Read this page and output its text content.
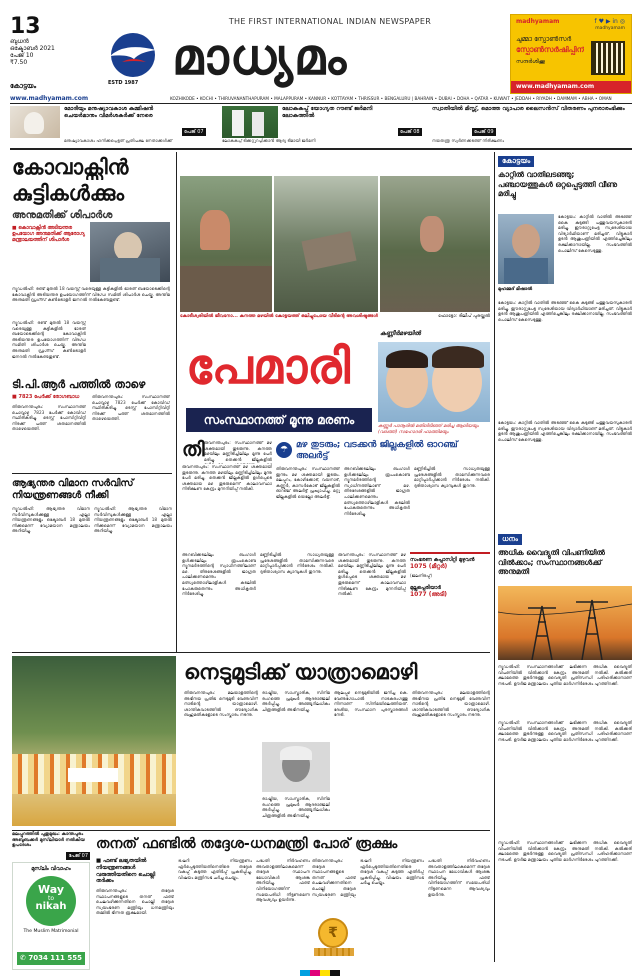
13
ബുധൻ
ഒക്ടോബർ 2021
പേജ് 10
₹7.50
കോട്ടയം
THE FIRST INTERNATIONAL INDIAN NEWSPAPER
ESTD 1987 മാധ്യമം
madhyamam	f ♥ ▶ in ◎
madhyamam
ചുമ്മാ സ്പോൺസർ
സ്പോൺസർഷിപ്പിന്
സന്ദർശിക്കൂ
www.madhyamam.com
www.madhyamam.com	KOZHIKODE • KOCHI • THIRUVANANTHAPURAM • MALAPPURAM • KANNUR • KOTTAYAM • THRISSUR • BENGALURU | BAHRAIN • DUBAI • DOHA • QATAR • KUWAIT • JEDDAH • RIYADH • DAMMAM • ABHA • OMAN
മോദിയും മനുഷ്യാവകാശ കമ്മിഷൻ ചെയർമാനും വിമർശകർക്ക് നേരെ
പേജ് 07
മനുഷ്യാവകാശം ഹനിക്കപ്പെട്ടത് പ്രതിപക്ഷ നേതാക്കൾക്ക്
ലോകകപ്പ് യോഗ്യത റൗണ്ട് ജർമനി ലോകത്തിൽ
പേജ് 08
ലോകകപ്പ് ടിക്കറ്റുറപ്പിക്കാൻ ആദ്യ ടീമായി ജർമനി
സ്വാതിയിൽ മിസ്സ്, മൊത്ത വ്യാപാര ലൈസൻസ് വിതരണം പുനരാരംഭിക്കും
പേജ് 09
നയതന്ത്ര സ്വർണക്കടത്ത് നിരീക്ഷണം
കോവാക്സിൻ
കുട്ടികൾക്കും
അനുമതിക്ക് ശിപാർശ
■ കൊവാക്സിൻ അടിയന്തര ഉപയോഗ അനുമതിക്ക് ആരോഗ്യ മന്ത്രാലയത്തിന് ശിപാർശ
ന്യൂഡൽഹി: രണ്ട് മുതൽ 18 വയസ്സ് വരെയുള്ള കുട്ടികളിൽ ഭാരത് ബയോടെക്കിന്റെ കോവാക്സിൻ അടിയന്തര ഉപയോഗത്തിന് വിദഗ്ധ സമിതി ശിപാർശ ചെയ്തു. അന്തിമ അനുമതി ഡ്രഗ്സ് കൺട്രോളർ ജനറൽ നൽകേണ്ടതുണ്ട്.
ന്യൂഡൽഹി: രണ്ട് മുതൽ 18 വയസ്സ് വരെയുള്ള കുട്ടികളിൽ ഭാരത് ബയോടെക്കിന്റെ കോവാക്സിൻ അടിയന്തര ഉപയോഗത്തിന് വിദഗ്ധ സമിതി ശിപാർശ ചെയ്തു. അന്തിമ അനുമതി ഡ്രഗ്സ് കൺട്രോളർ ജനറൽ നൽകേണ്ടതുണ്ട്.
ടി.പി.ആർ പത്തിൽ താഴെ
■ 7823 പേർക്ക് രോഗബാധ
തിരുവനന്തപുരം: സംസ്ഥാനത്ത് ചൊവ്വാഴ്ച 7823 പേർക്ക് കോവിഡ് സ്ഥിരീകരിച്ചു. ടെസ്റ്റ് പോസിറ്റിവിറ്റി നിരക്ക് പത്ത് ശതമാനത്തിൽ താഴെയെത്തി.
തിരുവനന്തപുരം: സംസ്ഥാനത്ത് ചൊവ്വാഴ്ച 7823 പേർക്ക് കോവിഡ് സ്ഥിരീകരിച്ചു. ടെസ്റ്റ് പോസിറ്റിവിറ്റി നിരക്ക് പത്ത് ശതമാനത്തിൽ താഴെയെത്തി.
ആഭ്യന്തര വിമാന സർവിസ് നിയന്ത്രണങ്ങൾ നീക്കി
ന്യൂഡൽഹി: ആഭ്യന്തര വിമാന സർവിസുകൾക്കുള്ള എല്ലാ നിയന്ത്രണങ്ങളും ഒക്ടോബർ 18 മുതൽ നീക്കുമെന്ന് വ്യോമയാന മന്ത്രാലയം അറിയിച്ചു.
ന്യൂഡൽഹി: ആഭ്യന്തര വിമാന സർവിസുകൾക്കുള്ള എല്ലാ നിയന്ത്രണങ്ങളും ഒക്ടോബർ 18 മുതൽ നീക്കുമെന്ന് വ്യോമയാന മന്ത്രാലയം അറിയിച്ചു.
കോടീശ്വരിയിൽ ജീവനോ... കനത്ത മഴയിൽ കോട്ടയത്ത് ഒലിച്ചുപോയ വീടിന്റെ അവശിഷ്ടങ്ങൾ	ഫോട്ടോ: ദിലീപ് പുരയ്ക്കൽ
പേമാരി
സംസ്ഥാനത്ത് മൂന്നു മരണം
കണ്ണീർമഴയിൽ
കണ്ണൂർ പാനൂരിൽ മതിലിടിഞ്ഞ് മരിച്ച ആലിയയും (വലത്ത്) സഹോദരി ഫാത്തിമയും
തി രുവനന്തപുരം: സംസ്ഥാനത്ത് മഴ ശക്തമായി തുടരുന്നു. കനത്ത മഴയിലും മണ്ണിടിച്ചിലിലും മൂന്നു പേർ മരിച്ചു. തെക്കൻ ജില്ലകളിൽ
രുവനന്തപുരം: സംസ്ഥാനത്ത് മഴ ശക്തമായി തുടരുന്നു. കനത്ത മഴയിലും മണ്ണിടിച്ചിലിലും മൂന്നു പേർ മരിച്ചു. തെക്കൻ ജില്ലകളിൽ ഉൾപ്പെടെ ശക്തമായ മഴ തുടരുമെന്ന് കാലാവസ്ഥാ നിരീക്ഷണ കേന്ദ്രം മുന്നറിയിപ്പ് നൽകി.
☂ മഴ തുടരും; വടക്കൻ ജില്ലകളിൽ ഓറഞ്ച് അലർട്ട്
തിരുവനന്തപുരം: സംസ്ഥാനത്ത് ഇന്നും മഴ ശക്തമായി തുടരും. മലപ്പുറം, കോഴിക്കോട്, വയനാട്, കണ്ണൂർ, കാസർകോട് ജില്ലകളിൽ ഓറഞ്ച് അലർട്ട് പ്രഖ്യാപിച്ചു. മറ്റു ജില്ലകളിൽ യെല്ലോ അലർട്ട്.
അറബിക്കടലിലും ബംഗാൾ ഉൾക്കടലിലും രൂപംകൊണ്ട ന്യൂനമർദത്തിന്റെ സ്വാധീനത്തിലാണ് മഴ. തീരദേശങ്ങളിൽ ജാഗ്രത പാലിക്കണമെന്നും മത്സ്യത്തൊഴിലാളികൾ കടലിൽ പോകരുതെന്നും അധികൃതർ നിർദേശിച്ചു.
മണ്ണിടിച്ചിൽ സാധ്യതയുള്ള പ്രദേശങ്ങളിൽ താമസിക്കുന്നവരെ മാറ്റിപ്പാർപ്പിക്കാൻ നിർദേശം നൽകി. ദുരിതാശ്വാസ ക്യാമ്പുകൾ തുറന്നു.
അറബിക്കടലിലും ബംഗാൾ ഉൾക്കടലിലും രൂപംകൊണ്ട ന്യൂനമർദത്തിന്റെ സ്വാധീനത്തിലാണ് മഴ. തീരദേശങ്ങളിൽ ജാഗ്രത പാലിക്കണമെന്നും മത്സ്യത്തൊഴിലാളികൾ കടലിൽ പോകരുതെന്നും അധികൃതർ നിർദേശിച്ചു.
മണ്ണിടിച്ചിൽ സാധ്യതയുള്ള പ്രദേശങ്ങളിൽ താമസിക്കുന്നവരെ മാറ്റിപ്പാർപ്പിക്കാൻ നിർദേശം നൽകി. ദുരിതാശ്വാസ ക്യാമ്പുകൾ തുറന്നു.
രുവനന്തപുരം: സംസ്ഥാനത്ത് മഴ ശക്തമായി തുടരുന്നു. കനത്ത മഴയിലും മണ്ണിടിച്ചിലിലും മൂന്നു പേർ മരിച്ചു. തെക്കൻ ജില്ലകളിൽ ഉൾപ്പെടെ ശക്തമായ മഴ തുടരുമെന്ന് കാലാവസ്ഥാ നിരീക്ഷണ കേന്ദ്രം മുന്നറിയിപ്പ് നൽകി.
സംഭരണ കപ്പാസിറ്റി മുഴുവൻ
1075 (മീറ്റർ)
(ജലനിരപ്പ്)
മുല്ലപ്പെരിയാർ
1077 (അടി)
കോട്ടയം
കാറ്റിൽ വാതിലടഞ്ഞു; പഞ്ചായത്തുകൾ ഒറ്റപ്പെടുത്തി വീണു മരിച്ചു
മുഹമ്മദ് മിഷാൽ
കോട്ടയം: കാറ്റിൽ വാതിൽ അടഞ്ഞ് കൈ കുടുങ്ങി പത്തുവയസുകാരൻ മരിച്ചു. ഈരാറ്റുപേട്ട സ്വദേശിയായ വിദ്യാർഥിയാണ് മരിച്ചത്. വീട്ടുകാർ ഉടൻ ആശുപത്രിയിൽ എത്തിച്ചെങ്കിലും രക്ഷിക്കാനായില്ല. സംഭവത്തിൽ പൊലീസ് കേസെടുത്തു.
കോട്ടയം: കാറ്റിൽ വാതിൽ അടഞ്ഞ് കൈ കുടുങ്ങി പത്തുവയസുകാരൻ മരിച്ചു. ഈരാറ്റുപേട്ട സ്വദേശിയായ വിദ്യാർഥിയാണ് മരിച്ചത്. വീട്ടുകാർ ഉടൻ ആശുപത്രിയിൽ എത്തിച്ചെങ്കിലും രക്ഷിക്കാനായില്ല. സംഭവത്തിൽ പൊലീസ് കേസെടുത്തു.
കോട്ടയം: കാറ്റിൽ വാതിൽ അടഞ്ഞ് കൈ കുടുങ്ങി പത്തുവയസുകാരൻ മരിച്ചു. ഈരാറ്റുപേട്ട സ്വദേശിയായ വിദ്യാർഥിയാണ് മരിച്ചത്. വീട്ടുകാർ ഉടൻ ആശുപത്രിയിൽ എത്തിച്ചെങ്കിലും രക്ഷിക്കാനായില്ല. സംഭവത്തിൽ പൊലീസ് കേസെടുത്തു.
ധനം
അധിക വൈദ്യുതി വിപണിയിൽ വിൽക്കാം; സംസ്ഥാനങ്ങൾക്ക് അനുമതി
ന്യൂഡൽഹി: സംസ്ഥാനങ്ങൾക്ക് ലഭിക്കുന്ന അധിക വൈദ്യുതി വിപണിയിൽ വിൽക്കാൻ കേന്ദ്രം അനുമതി നൽകി. കൽക്കരി ക്ഷാമത്തെ തുടർന്നുള്ള വൈദ്യുതി പ്രതിസന്ധി പരിഹരിക്കാനാണ് നടപടി. ഊർജ മന്ത്രാലയം പുതിയ മാർഗനിർദേശം പുറത്തിറക്കി.
ന്യൂഡൽഹി: സംസ്ഥാനങ്ങൾക്ക് ലഭിക്കുന്ന അധിക വൈദ്യുതി വിപണിയിൽ വിൽക്കാൻ കേന്ദ്രം അനുമതി നൽകി. കൽക്കരി ക്ഷാമത്തെ തുടർന്നുള്ള വൈദ്യുതി പ്രതിസന്ധി പരിഹരിക്കാനാണ് നടപടി. ഊർജ മന്ത്രാലയം പുതിയ മാർഗനിർദേശം പുറത്തിറക്കി.
ന്യൂഡൽഹി: സംസ്ഥാനങ്ങൾക്ക് ലഭിക്കുന്ന അധിക വൈദ്യുതി വിപണിയിൽ വിൽക്കാൻ കേന്ദ്രം അനുമതി നൽകി. കൽക്കരി ക്ഷാമത്തെ തുടർന്നുള്ള വൈദ്യുതി പ്രതിസന്ധി പരിഹരിക്കാനാണ് നടപടി. ഊർജ മന്ത്രാലയം പുതിയ മാർഗനിർദേശം പുറത്തിറക്കി.
നെടുമുടിക്ക് യാത്രാമൊഴി
തിരുവനന്തപുരം: മലയാളത്തിന്റെ അഭിനയ പ്രതിഭ നെടുമുടി വേണുവിന് നാടിന്റെ യാത്രാമൊഴി. ശാന്തികവാടത്തിൽ ഔദ്യോഗിക ബഹുമതികളോടെ സംസ്കാരം നടന്നു.
രാഷ്ട്രീയ, സാംസ്കാരിക, സിനിമ രംഗത്തെ പ്രമുഖർ ആദരാഞ്ജലി അർപ്പിച്ചു. അഞ്ഞൂറിലധികം ചിത്രങ്ങളിൽ അഭിനയിച്ചു.
ആലപ്പുഴ നെടുമുടിയിൽ ജനിച്ച കെ. വേണുഗോപാൽ നാടകരംഗത്തു നിന്നാണ് സിനിമയിലെത്തിയത്. ദേശീയ, സംസ്ഥാന പുരസ്കാരങ്ങൾ നേടി.
തിരുവനന്തപുരം: മലയാളത്തിന്റെ അഭിനയ പ്രതിഭ നെടുമുടി വേണുവിന് നാടിന്റെ യാത്രാമൊഴി. ശാന്തികവാടത്തിൽ ഔദ്യോഗിക ബഹുമതികളോടെ സംസ്കാരം നടന്നു.
രാഷ്ട്രീയ, സാംസ്കാരിക, സിനിമ രംഗത്തെ പ്രമുഖർ ആദരാഞ്ജലി അർപ്പിച്ചു. അഞ്ഞൂറിലധികം ചിത്രങ്ങളിൽ അഭിനയിച്ചു.
മലപ്പുറത്തിൽ പുതുമുഖം: കാന്തപുരം അബൂബക്കർ മുസ്‌ലിയാർ നൽകിയ ഉപദേശം
പേജ് 07
തനത് ഫണ്ടിൽ തദ്ദേശ-ധനമന്ത്രി പോര് രൂക്ഷം
മുസ്‌ലിം വിവാഹം
Way
to
nikah
The Muslim Matrimonial
✆ 7034 111 555
■ ഫണ്ട് ലഭ്യതയിൽ നിയന്ത്രണങ്ങൾ വരുത്തിയതിനെ ചൊല്ലി തർക്കം
തിരുവനന്തപുരം: തദ്ദേശ സ്ഥാപനങ്ങളുടെ തനത് ഫണ്ട് ചെലവഴിക്കുന്നതിനെ ചൊല്ലി തദ്ദേശ സ്വയംഭരണ മന്ത്രിയും ധനമന്ത്രിയും തമ്മിൽ ഭിന്നത രൂക്ഷമായി.
ട്രഷറി നിയന്ത്രണം ഏർപ്പെടുത്തിയതിനെതിരെ തദ്ദേശ വകുപ്പ് കടുത്ത എതിർപ്പ് പ്രകടിപ്പിച്ചു. വിഷയം മന്ത്രിസഭ ചർച്ച ചെയ്യും.
പദ്ധതി നിർവഹണം അവതാളത്തിലാകുമെന്ന് തദ്ദേശ സ്ഥാപന മേധാവികൾ ആശങ്ക അറിയിച്ചു. ഫണ്ട് വിനിയോഗത്തിന് സമയപരിധി നീട്ടണമെന്ന ആവശ്യവും ഉയർന്നു.
₹
തിരുവനന്തപുരം: തദ്ദേശ സ്ഥാപനങ്ങളുടെ തനത് ഫണ്ട് ചെലവഴിക്കുന്നതിനെ ചൊല്ലി തദ്ദേശ സ്വയംഭരണ മന്ത്രിയും
ട്രഷറി നിയന്ത്രണം ഏർപ്പെടുത്തിയതിനെതിരെ തദ്ദേശ വകുപ്പ് കടുത്ത എതിർപ്പ് പ്രകടിപ്പിച്ചു. വിഷയം മന്ത്രിസഭ ചർച്ച ചെയ്യും.
പദ്ധതി നിർവഹണം അവതാളത്തിലാകുമെന്ന് തദ്ദേശ സ്ഥാപന മേധാവികൾ ആശങ്ക അറിയിച്ചു. ഫണ്ട് വിനിയോഗത്തിന് സമയപരിധി നീട്ടണമെന്ന ആവശ്യവും ഉയർന്നു.
